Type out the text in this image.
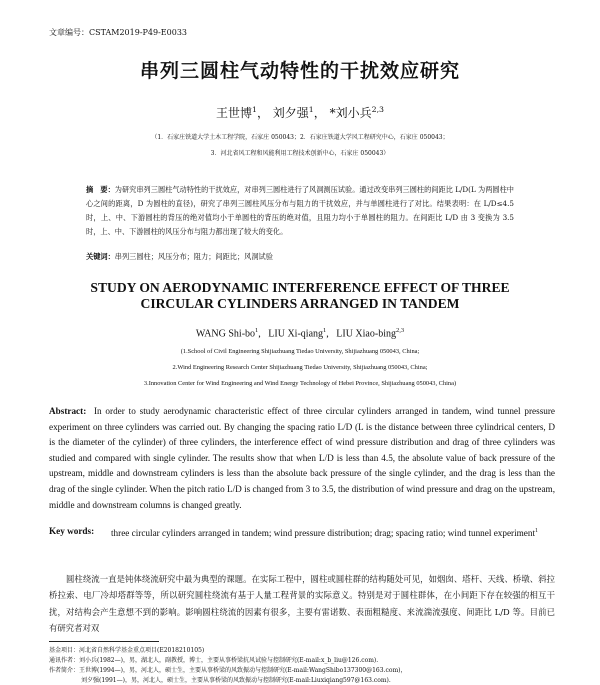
文章编号：CSTAM2019-P49-E0033
串列三圆柱气动特性的干扰效应研究
王世博$^1$， 刘夕强$^1$， *刘小兵$^{2,3}$
（1．石家庄铁道大学土木工程学院，石家庄 050043；2．石家庄铁道大学风工程研究中心，石家庄 050043；
3．河北省风工程和风能利用工程技术创新中心，石家庄 050043）
摘　要：为研究串列三圆柱气动特性的干扰效应，对串列三圆柱进行了风洞测压试验。通过改变串列三圆柱的间距比 L/D(L 为两圆柱中心之间的距离，D 为圆柱的直径)，研究了串列三圆柱风压分布与阻力的干扰效应，并与单圆柱进行了对比。结果表明：在 L/D≤4.5 时，上、中、下游圆柱的背压的绝对值均小于单圆柱的背压的绝对值，且阻力均小于单圆柱的阻力。在间距比 L/D 由 3 变换为 3.5 时，上、中、下游圆柱的风压分布与阻力都出现了较大的变化。
关键词：串列三圆柱；风压分布；阻力；间距比；风洞试验
STUDY ON AERODYNAMIC INTERFERENCE EFFECT OF THREE
CIRCULAR CYLINDERS ARRANGED IN TANDEM
WANG Shi-$bo^1$,   LIU Xi-qiang$^1$,   LIU Xiao-bing$^{2,3}$
(1.School of Civil Engineering Shijiazhuang Tiedao University, Shijiazhuang 050043, China;
2.Wind Engineering Research Center Shijiazhuang Tiedao University, Shijiazhuang 050043, China;
3.Innovation Center for Wind Engineering and Wind Energy Technology of Hebei Province, Shijiazhuang 050043, China)
Abstract: In order to study aerodynamic characteristic effect of three circular cylinders arranged in tandem, wind tunnel pressure experiment on three cylinders was carried out. By changing the spacing ratio L/D (L is the distance between three cylindrical centers, D is the diameter of the cylinder) of three cylinders, the interference effect of wind pressure distribution and drag of three cylinders was studied and compared with single cylinder. The results show that when L/D is less than 4.5, the absolute value of back pressure of the upstream, middle and downstream cylinders is less than the absolute back pressure of the single cylinder, and the drag is less than the drag of the single cylinder. When the pitch ratio L/D is changed from 3 to 3.5, the distribution of wind pressure and drag on the upstream, middle and downstream columns is changed greatly.
Key words:	three circular cylinders arranged in tandem; wind pressure distribution; drag; spacing ratio; wind tunnel experiment$^1$
圆柱绕流一直是钝体绕流研究中最为典型的课题。在实际工程中，圆柱或圆柱群的结构随处可见，如烟囱、塔杆、天线、桥墩、斜拉桥拉索、电厂冷却塔群等等，所以研究圆柱绕流有基于人量工程背景的实际意义。特别是对于圆柱群体，在小间距下存在较强的相互干扰，对结构会产生意想不到的影响。影响圆柱绕流的因素有很多，主要有雷诺数、表面粗糙度、来流湍流强度、间距比 L/D 等。目前已有研究者对双
基金项目：河北省自然科学基金重点项目(E2018210105)
通讯作者：刘小兵(1982—)，男，湖北人，副教授，博士，主要从事桥梁抗风试验与控制研究(E-mail:x_b_liu@126.com).
作者简介：王世博(1994—)，男，河北人，硕士生，主要从事桥梁的风致振动与控制研究(E-mail:WangShibo137300@163.com)，
刘夕强(1991—)，男，河北人，硕士生，主要从事桥梁的风致振动与控制研究(E-mail:Liuxiqiang597@163.com).
